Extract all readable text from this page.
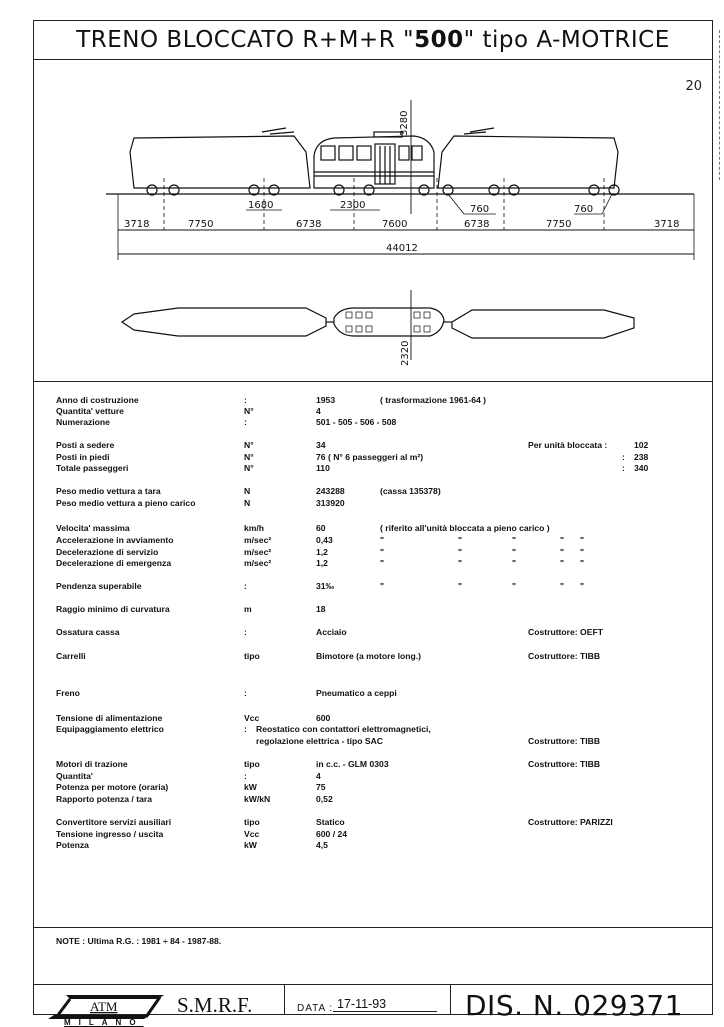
TRENO BLOCCATO R+M+R "500" tipo A-MOTRICE
20
3280
1680	2300	760	760
3718	7750	6738	7600	6738	7750	3718
44012
2320
Anno di costruzione	:	1953	( trasformazione 1961-64 )
Quantita' vetture	N°	4
Numerazione	:	501 - 505 - 506 - 508
Posti a sedere	N°	34	Per unità bloccata :	102
Posti in piedi	N°	76 ( N° 6 passeggeri al m²)	: 238
Totale passeggeri	N°	110	: 340
Peso medio vettura a tara	N	243288	(cassa 135378)
Peso medio vettura a pieno carico	N	313920
Velocita' massima	km/h	60	( riferito all'unità bloccata a pieno carico )
Accelerazione in avviamento	m/sec²	0,43	"	"	"	" "
Decelerazione di servizio	m/sec²	1,2	"	"	"	" "
Decelerazione di emergenza	m/sec²	1,2	"	"	"	" "
Pendenza superabile	:	31‰	"	"	"	" "
Raggio minimo di curvatura	m	18
Ossatura cassa	:	Acciaio	Costruttore: OEFT
Carrelli	tipo	Bimotore (a motore long.)	Costruttore: TIBB
Freno	:	Pneumatico a ceppi
Tensione di alimentazione	Vcc	600
Equipaggiamento elettrico	: Reostatico con contattori elettromagnetici,
regolazione elettrica - tipo SAC	Costruttore: TIBB
Motori di trazione	tipo	in c.c. - GLM 0303	Costruttore: TIBB
Quantita'	:	4
Potenza per motore (oraria)	kW	75
Rapporto potenza / tara	kW/kN	0,52
Convertitore servizi ausiliari	tipo	Statico	Costruttore: PARIZZI
Tensione ingresso / uscita	Vcc	600 / 24
Potenza	kW	4,5
NOTE : Ultima R.G. : 1981 ÷ 84 - 1987-88.
ATM
MILANO
S.M.R.F.	DATA : 17-11-93	DIS. N. 029371
